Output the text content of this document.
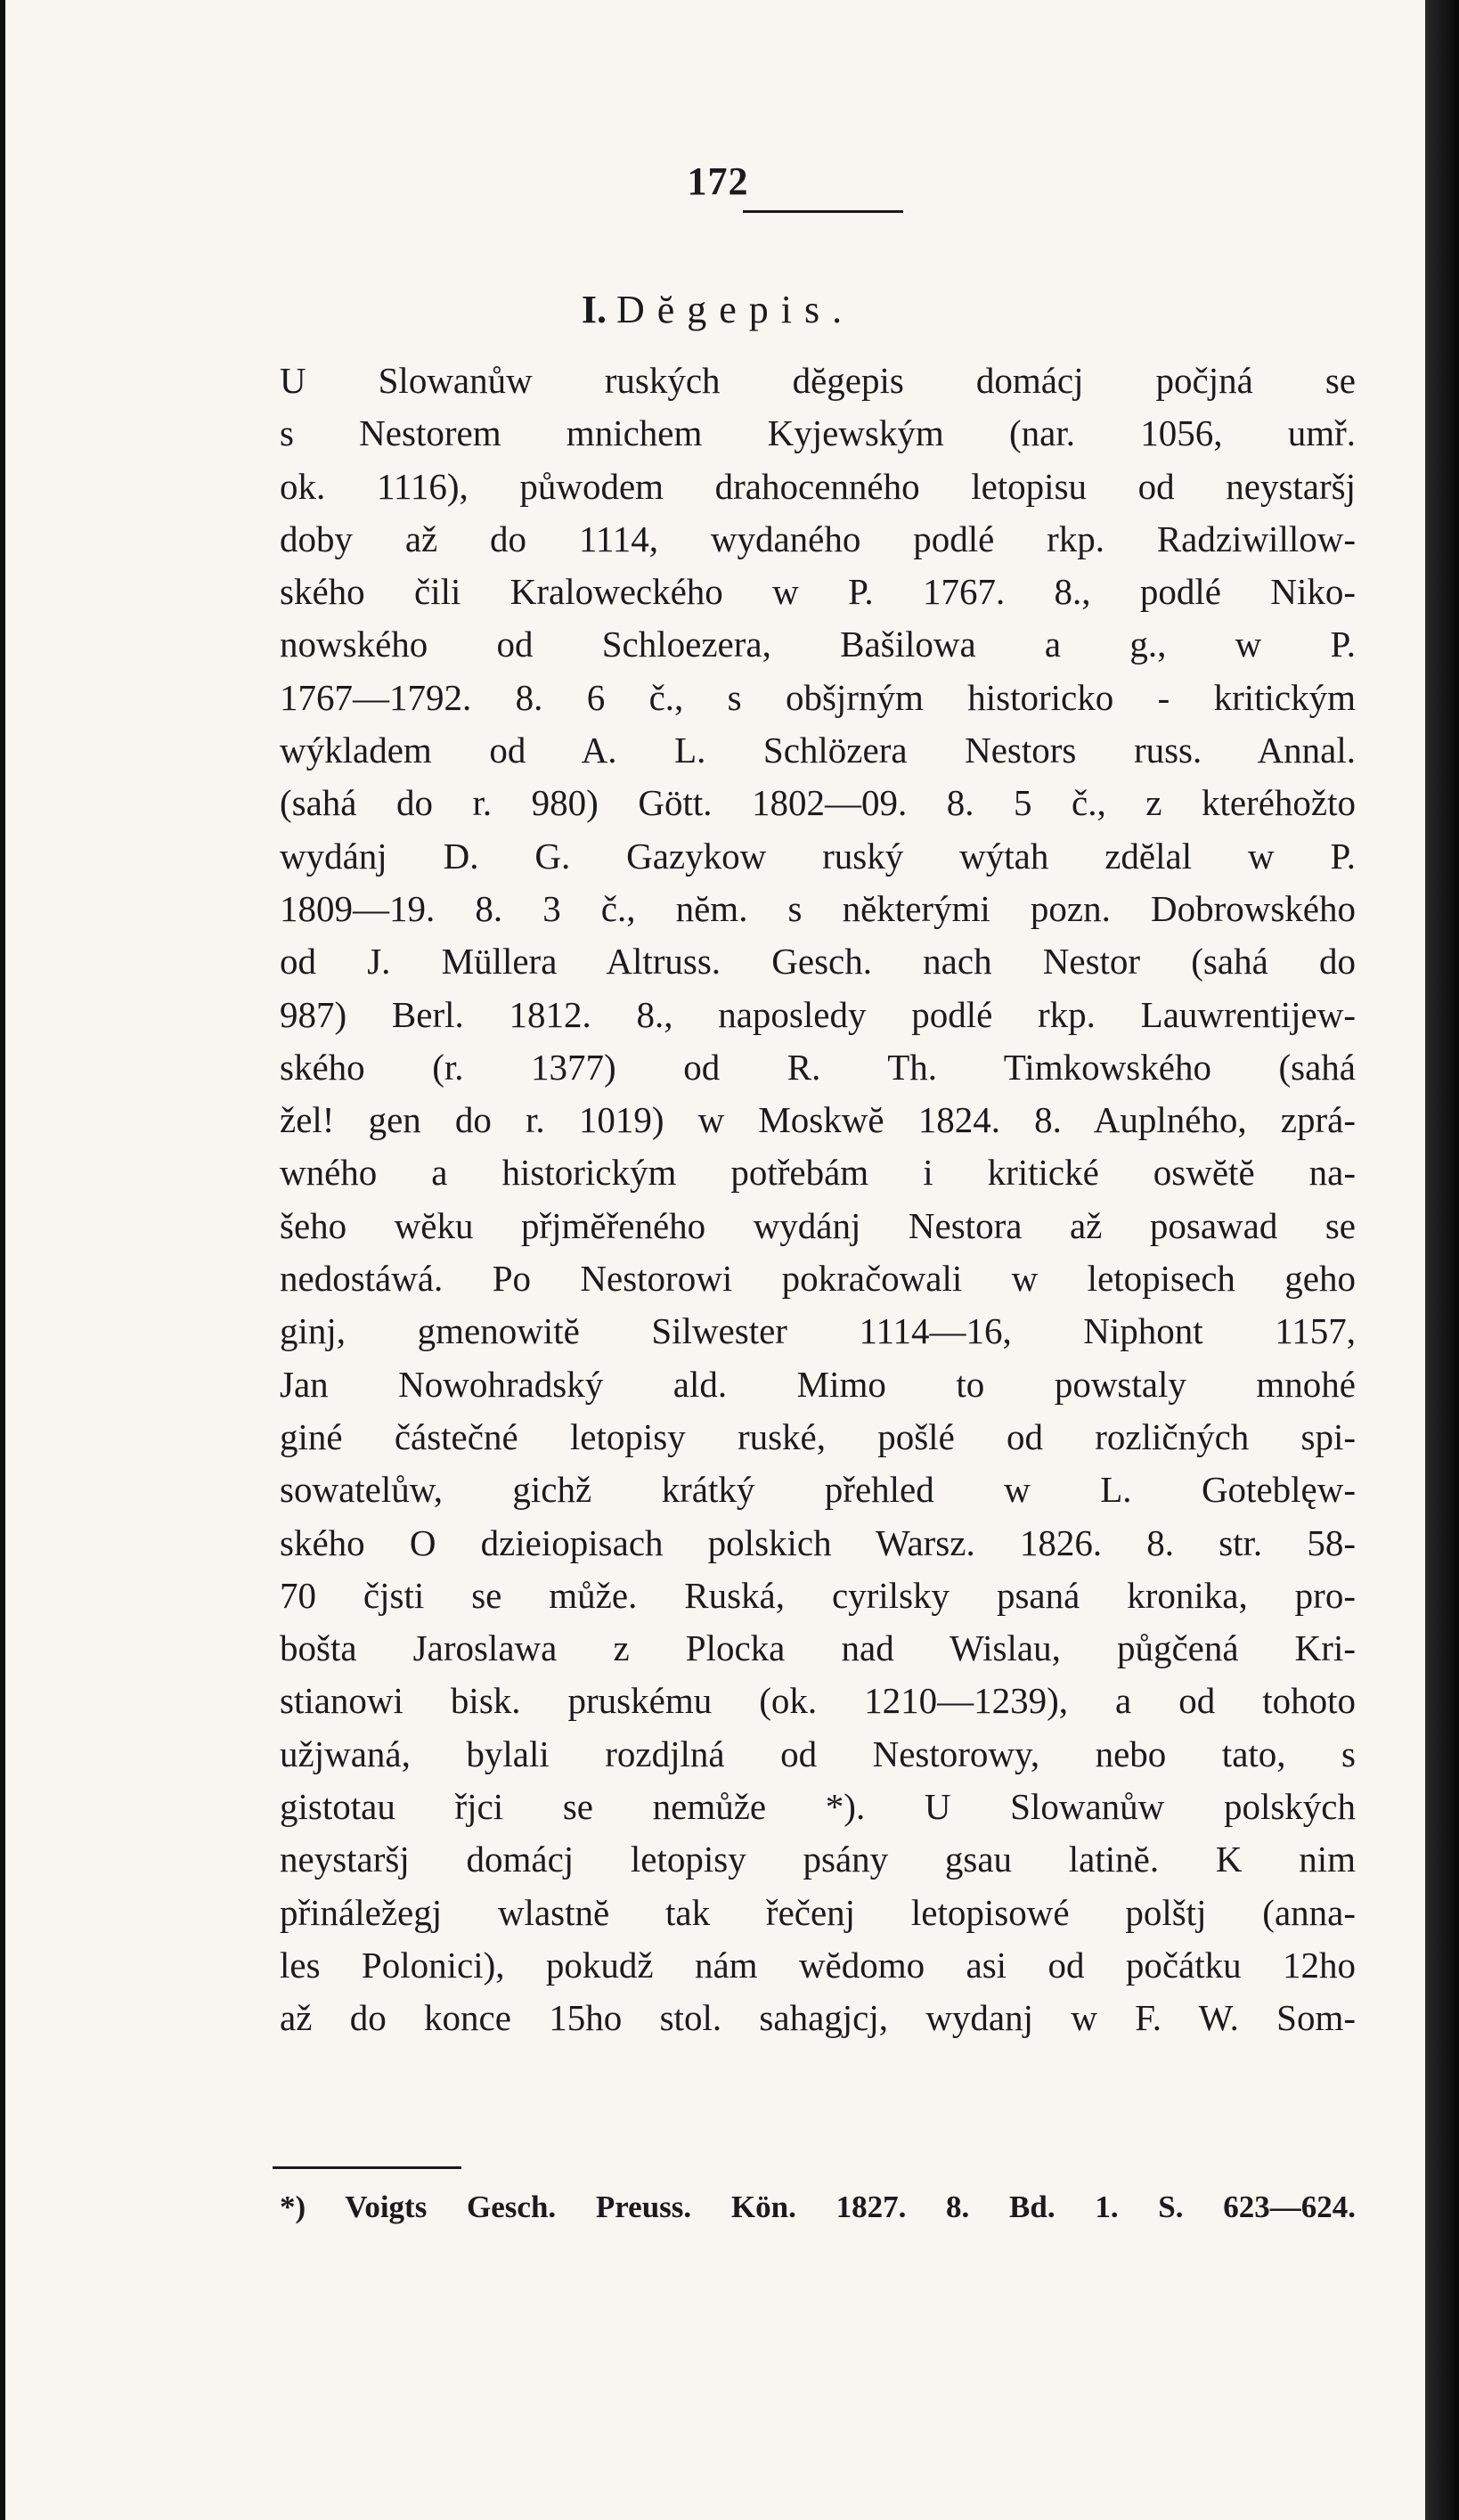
172
I. Dĕgepis.
U Slowanůw ruských dĕgepis domácj počjná se
s Nestorem mnichem Kyjewským (nar. 1056, umř.
ok. 1116), půwodem drahocenného letopisu od neystaršj
doby až do 1114, wydaného podlé rkp. Radziwillow-
ského čili Kraloweckého w P. 1767. 8., podlé Niko-
nowského od Schloezera, Bašilowa a g., w P.
1767—1792. 8. 6 č., s obšjrným historicko - kritickým
wýkladem od A. L. Schlözera Nestors russ. Annal.
(sahá do r. 980) Gött. 1802—09. 8. 5 č., z kteréhožto
wydánj D. G. Gazykow ruský wýtah zdĕlal w P.
1809—19. 8. 3 č., nĕm. s nĕkterými pozn. Dobrowského
od J. Müllera Altruss. Gesch. nach Nestor (sahá do
987) Berl. 1812. 8., naposledy podlé rkp. Lauwrentijew-
ského (r. 1377) od R. Th. Timkowského (sahá
žel! gen do r. 1019) w Moskwĕ 1824. 8. Auplného, zprá-
wného a historickým potřebám i kritické oswĕtĕ na-
šeho wĕku přjmĕřeného wydánj Nestora až posawad se
nedostáwá. Po Nestorowi pokračowali w letopisech geho
ginj, gmenowitĕ Silwester 1114—16, Niphont 1157,
Jan Nowohradský ald. Mimo to powstaly mnohé
giné částečné letopisy ruské, pošlé od rozličných spi-
sowatelůw, gichž krátký přehled w L. Goteblęw-
ského O dzieiopisach polskich Warsz. 1826. 8. str. 58-
70 čjsti se může. Ruská, cyrilsky psaná kronika, pro-
bošta Jaroslawa z Plocka nad Wislau, půgčená Kri-
stianowi bisk. pruskému (ok. 1210—1239), a od tohoto
užjwaná, bylali rozdjlná od Nestorowy, nebo tato, s
gistotau řjci se nemůže *). U Slowanůw polských
neystaršj domácj letopisy psány gsau latinĕ. K nim
přináležegj wlastnĕ tak řečenj letopisowé polštj (anna-
les Polonici), pokudž nám wĕdomo asi od počátku 12ho
až do konce 15ho stol. sahagjcj, wydanj w F. W. Som-
*) Voigts Gesch. Preuss. Kön. 1827. 8. Bd. 1. S. 623—624.
